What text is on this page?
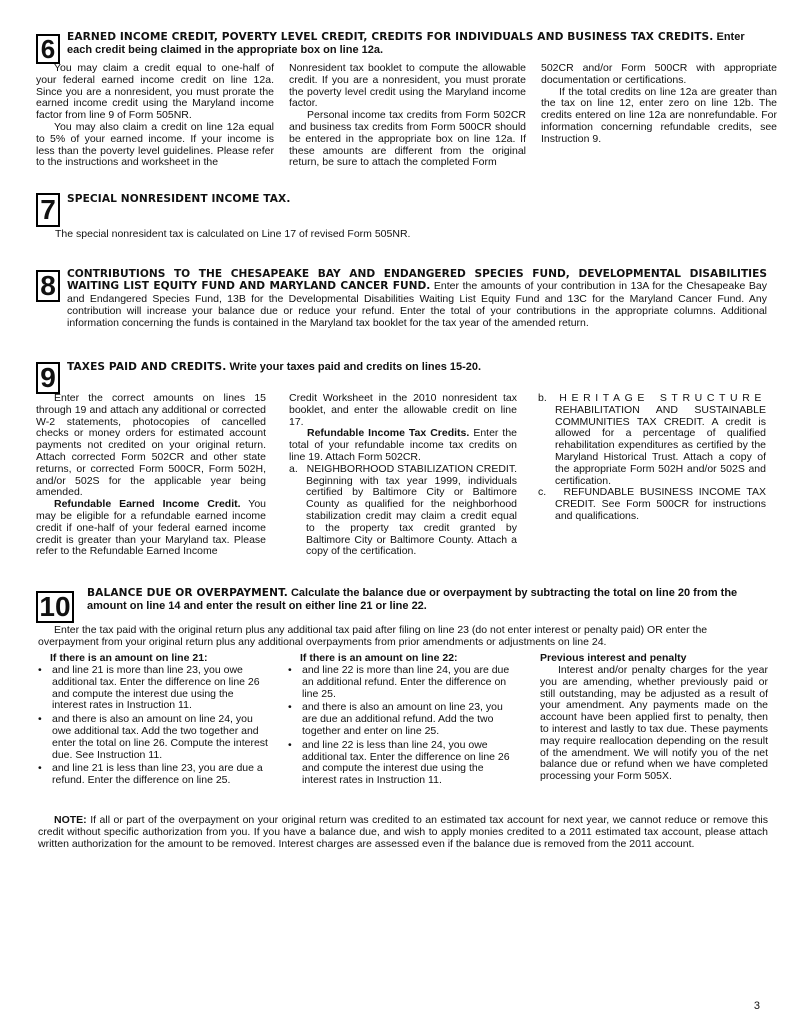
6 EARNED INCOME CREDIT, POVERTY LEVEL CREDIT, CREDITS FOR INDIVIDUALS AND BUSINESS TAX CREDITS. Enter
each credit being claimed in the appropriate box on line 12a.

You may claim a credit equal to one-half of your federal earned income credit on line 12a. Since you are a nonresident, you must prorate the earned income credit using the Maryland income factor from line 9 of Form 505NR.

You may also claim a credit on line 12a equal to 5% of your earned income. If your income is less than the poverty level guidelines. Please refer to the instructions and worksheet in the

Nonresident tax booklet to compute the allowable credit. If you are a nonresident, you must prorate the poverty level credit using the Maryland income factor.

Personal income tax credits from Form 502CR and business tax credits from Form 500CR should be entered in the appropriate box on line 12a. If these amounts are different from the original return, be sure to attach the completed Form

502CR and/or Form 500CR with appropriate documentation or certifications.

If the total credits on line 12a are greater than the tax on line 12, enter zero on line 12b. The credits entered on line 12a are nonrefundable. For information concerning refundable credits, see Instruction 9.

7 SPECIAL NONRESIDENT INCOME TAX.
The special nonresident tax is calculated on Line 17 of revised Form 505NR.
8 CONTRIBUTIONS TO THE CHESAPEAKE BAY AND ENDANGERED SPECIES FUND, DEVELOPMENTAL DISABILITIES WAITING LIST EQUITY FUND AND MARYLAND CANCER FUND. Enter the amounts of your contribution in 13A for the Chesapeake Bay and Endangered Species Fund, 13B for the Developmental Disabilities Waiting List Equity Fund and 13C for the Maryland Cancer Fund. Any contribution will increase your balance due or reduce your refund. Enter the total of your contributions in the appropriate columns. Additional information concerning the funds is contained in the Maryland tax booklet for the tax year of the amended return.
9 TAXES PAID AND CREDITS. Write your taxes paid and credits on lines 15-20.

Enter the correct amounts on lines 15 through 19 and attach any additional or corrected W-2 statements, photocopies of cancelled checks or money orders for estimated account payments not credited on your original return. Attach corrected Form 502CR and other state returns, or corrected Form 500CR, Form 502H, and/or 502S for the applicable year being amended.

Refundable Earned Income Credit. You may be eligible for a refundable earned income credit if one-half of your federal earned income credit is greater than your Maryland tax. Please refer to the Refundable Earned Income

Credit Worksheet in the 2010 nonresident tax booklet, and enter the allowable credit on line 17.

Refundable Income Tax Credits. Enter the total of your refundable income tax credits on line 19. Attach Form 502CR.

a. NEIGHBORHOOD STABILIZATION CREDIT. Beginning with tax year 1999, individuals certified by Baltimore City or Baltimore County as qualified for the neighborhood stabilization credit may claim a credit equal to the property tax credit granted by Baltimore City or Baltimore County. Attach a copy of the certification.

b. HERITAGE STRUCTURE REHABILITATION AND SUSTAINABLE COMMUNITIES TAX CREDIT. A credit is allowed for a percentage of qualified rehabilitation expenditures as certified by the Maryland Historical Trust. Attach a copy of the appropriate Form 502H and/or 502S and certification.

c. REFUNDABLE BUSINESS INCOME TAX CREDIT. See Form 500CR for instructions and qualifications.

10 BALANCE DUE OR OVERPAYMENT. Calculate the balance due or overpayment by subtracting the total on line 20 from the
amount on line 14 and enter the result on either line 21 or line 22.
Enter the tax paid with the original return plus any additional tax paid after filing on line 23 (do not enter interest or penalty paid) OR enter the overpayment from your original return plus any additional overpayments from prior amendments or adjustments on line 24.
If there is an amount on line 21:
• and line 21 is more than line 23, you owe additional tax. Enter the difference on line 26 and compute the interest due using the interest rates in Instruction 11.
• and there is also an amount on line 24, you owe additional tax. Add the two together and enter the total on line 26. Compute the interest due. See Instruction 11.
• and line 21 is less than line 23, you are due a refund. Enter the difference on line 25.
If there is an amount on line 22:
• and line 22 is more than line 24, you are due an additional refund. Enter the difference on line 25.
• and there is also an amount on line 23, you are due an additional refund. Add the two together and enter on line 25.
• and line 22 is less than line 24, you owe additional tax. Enter the difference on line 26 and compute the interest due using the interest rates in Instruction 11.
Previous interest and penalty

Interest and/or penalty charges for the year you are amending, whether previously paid or still outstanding, may be adjusted as a result of your amendment. Any payments made on the account have been applied first to penalty, then to interest and lastly to tax due. These payments may require reallocation depending on the result of the amendment. We will notify you of the net balance due or refund when we have completed processing your Form 505X.

NOTE: If all or part of the overpayment on your original return was credited to an estimated tax account for next year, we cannot reduce or remove this credit without specific authorization from you. If you have a balance due, and wish to apply monies credited to a 2011 estimated tax account, please attach written authorization for the amount to be removed. Interest charges are assessed even if the balance due is removed from the 2011 account.
3
